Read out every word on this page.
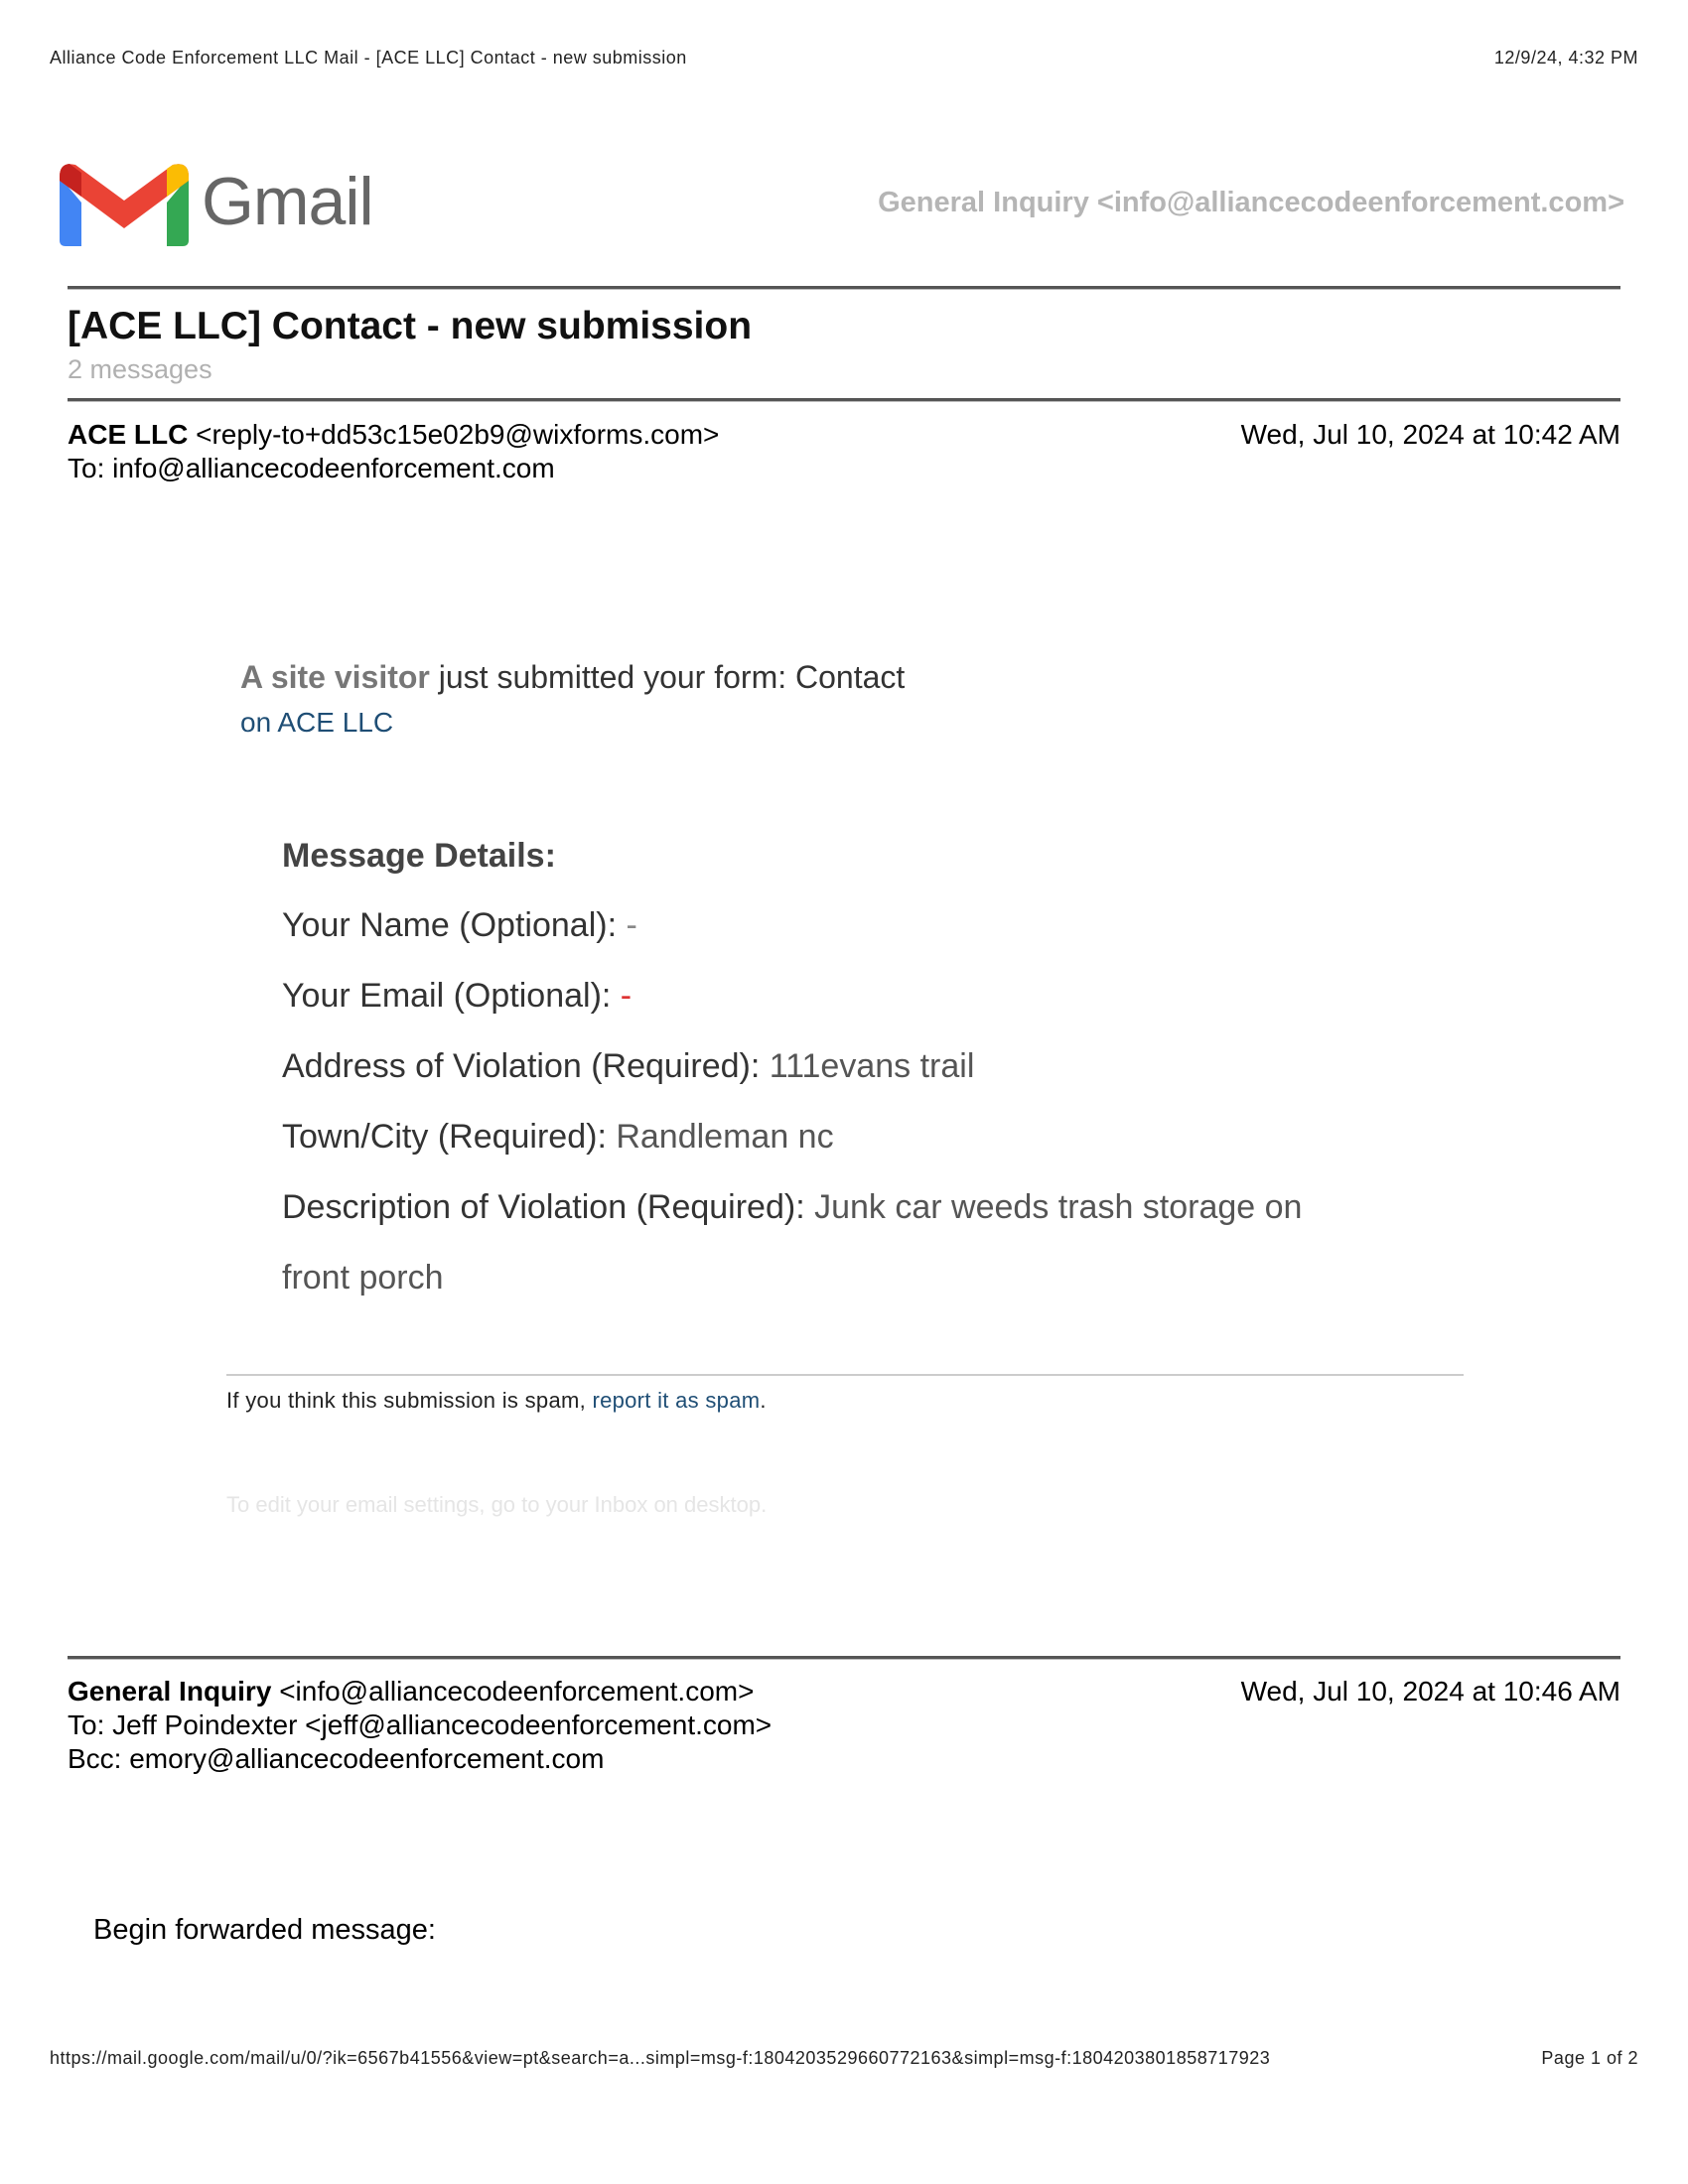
Alliance Code Enforcement LLC Mail - [ACE LLC] Contact - new submission	12/9/24, 4:32 PM
Gmail	General Inquiry <info@alliancecodeenforcement.com>
[ACE LLC] Contact - new submission
2 messages
ACE LLC <reply-to+dd53c15e02b9@wixforms.com>	Wed, Jul 10, 2024 at 10:42 AM
To: info@alliancecodeenforcement.com
A site visitor just submitted your form: Contact
on ACE LLC
Message Details:
Your Name (Optional): -
Your Email (Optional): -
Address of Violation (Required): 111evans trail
Town/City (Required): Randleman nc
Description of Violation (Required): Junk car weeds trash storage on
front porch
If you think this submission is spam, report it as spam.
To edit your email settings, go to your Inbox on desktop.
General Inquiry <info@alliancecodeenforcement.com>	Wed, Jul 10, 2024 at 10:46 AM
To: Jeff Poindexter <jeff@alliancecodeenforcement.com>
Bcc: emory@alliancecodeenforcement.com
Begin forwarded message:
https://mail.google.com/mail/u/0/?ik=6567b41556&view=pt&search=a...simpl=msg-f:1804203529660772163&simpl=msg-f:1804203801858717923	Page 1 of 2
